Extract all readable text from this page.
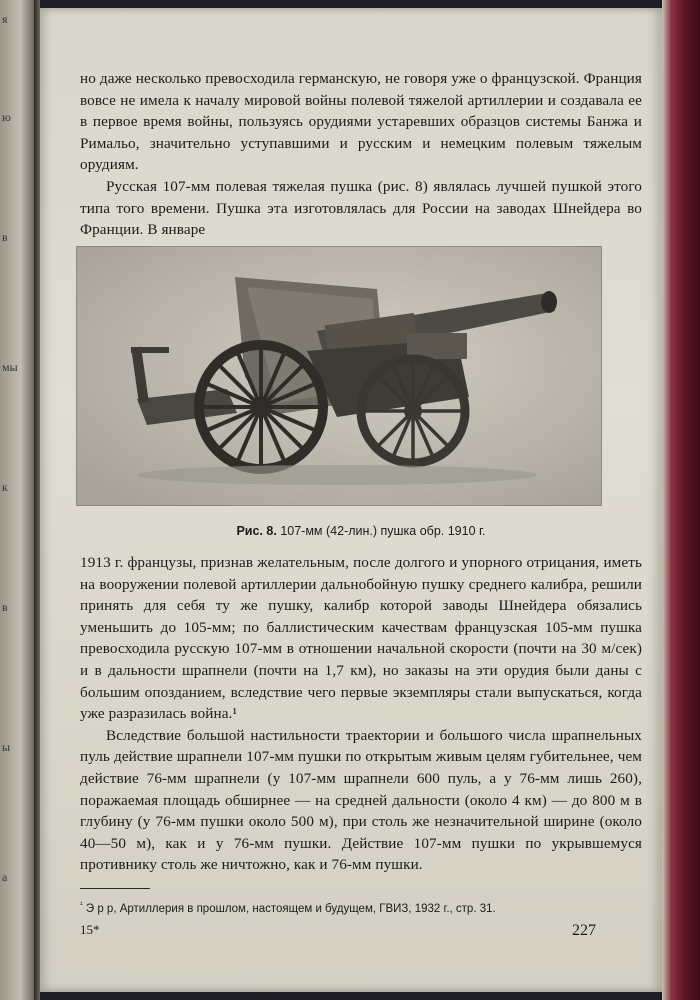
я
ю
в
мы
к
в
ы
а

но даже несколько превосходила германскую, не говоря уже о французской. Франция вовсе не имела к началу мировой войны полевой тяжелой артиллерии и создавала ее в первое время войны, пользуясь орудиями устаревших образцов системы Банжа и Римальо, значительно уступавшими и русским и немецким полевым тяжелым орудиям.

Русская 107-мм полевая тяжелая пушка (рис. 8) являлась лучшей пушкой этого типа того времени. Пушка эта изготовлялась для России на заводах Шнейдера во Франции. В январе

Рис. 8. 107-мм (42-лин.) пушка обр. 1910 г.

1913 г. французы, признав желательным, после долгого и упорного отрицания, иметь на вооружении полевой артиллерии дальнобойную пушку среднего калибра, решили принять для себя ту же пушку, калибр которой заводы Шнейдера обязались уменьшить до 105-мм; по баллистическим качествам французская 105-мм пушка превосходила русскую 107-мм в отношении начальной скорости (почти на 30 м/сек) и в дальности шрапнели (почти на 1,7 км), но заказы на эти орудия были даны с большим опозданием, вследствие чего первые экземпляры стали выпускаться, когда уже разразилась война.¹

Вследствие большой настильности траектории и большого числа шрапнельных пуль действие шрапнели 107-мм пушки по открытым живым целям губительнее, чем действие 76-мм шрапнели (у 107-мм шрапнели 600 пуль, а у 76-мм лишь 260), поражаемая площадь обширнее — на средней дальности (около 4 км) — до 800 м в глубину (у 76-мм пушки около 500 м), при столь же незначительной ширине (около 40—50 м), как и у 76-мм пушки. Действие 107-мм пушки по укрывшемуся противнику столь же ничтожно, как и 76-мм пушки.

$^{^1}$ Э р р, Артиллерия в прошлом, настоящем и будущем, ГВИЗ, 1932 г., стр. 31.
15*	227
